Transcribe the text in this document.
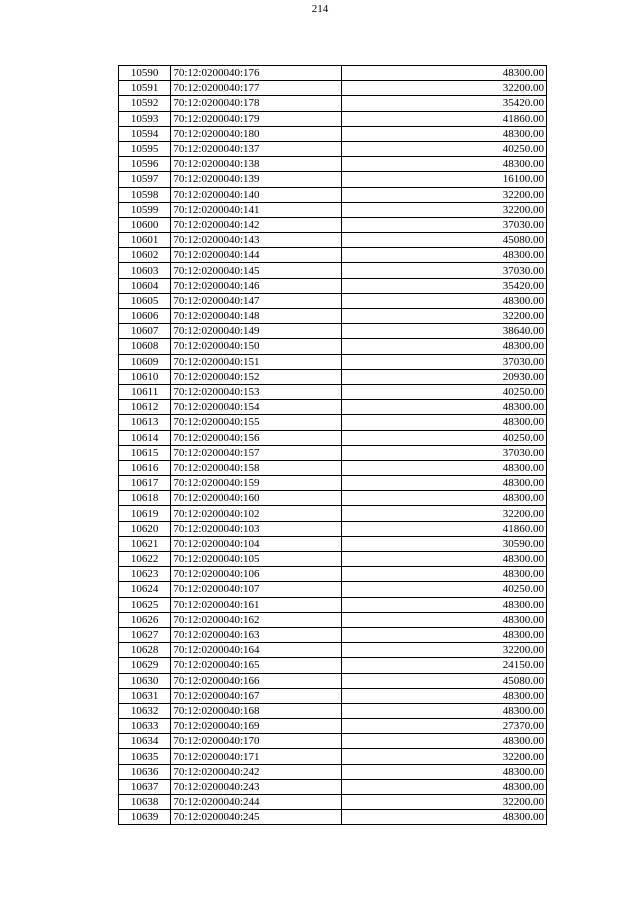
214
10590	70:12:0200040:176	48300.00
10591	70:12:0200040:177	32200.00
10592	70:12:0200040:178	35420.00
10593	70:12:0200040:179	41860.00
10594	70:12:0200040:180	48300.00
10595	70:12:0200040:137	40250.00
10596	70:12:0200040:138	48300.00
10597	70:12:0200040:139	16100.00
10598	70:12:0200040:140	32200.00
10599	70:12:0200040:141	32200.00
10600	70:12:0200040:142	37030.00
10601	70:12:0200040:143	45080.00
10602	70:12:0200040:144	48300.00
10603	70:12:0200040:145	37030.00
10604	70:12:0200040:146	35420.00
10605	70:12:0200040:147	48300.00
10606	70:12:0200040:148	32200.00
10607	70:12:0200040:149	38640.00
10608	70:12:0200040:150	48300.00
10609	70:12:0200040:151	37030.00
10610	70:12:0200040:152	20930.00
10611	70:12:0200040:153	40250.00
10612	70:12:0200040:154	48300.00
10613	70:12:0200040:155	48300.00
10614	70:12:0200040:156	40250.00
10615	70:12:0200040:157	37030.00
10616	70:12:0200040:158	48300.00
10617	70:12:0200040:159	48300.00
10618	70:12:0200040:160	48300.00
10619	70:12:0200040:102	32200.00
10620	70:12:0200040:103	41860.00
10621	70:12:0200040:104	30590.00
10622	70:12:0200040:105	48300.00
10623	70:12:0200040:106	48300.00
10624	70:12:0200040:107	40250.00
10625	70:12:0200040:161	48300.00
10626	70:12:0200040:162	48300.00
10627	70:12:0200040:163	48300.00
10628	70:12:0200040:164	32200.00
10629	70:12:0200040:165	24150.00
10630	70:12:0200040:166	45080.00
10631	70:12:0200040:167	48300.00
10632	70:12:0200040:168	48300.00
10633	70:12:0200040:169	27370.00
10634	70:12:0200040:170	48300.00
10635	70:12:0200040:171	32200.00
10636	70:12:0200040:242	48300.00
10637	70:12:0200040:243	48300.00
10638	70:12:0200040:244	32200.00
10639	70:12:0200040:245	48300.00
